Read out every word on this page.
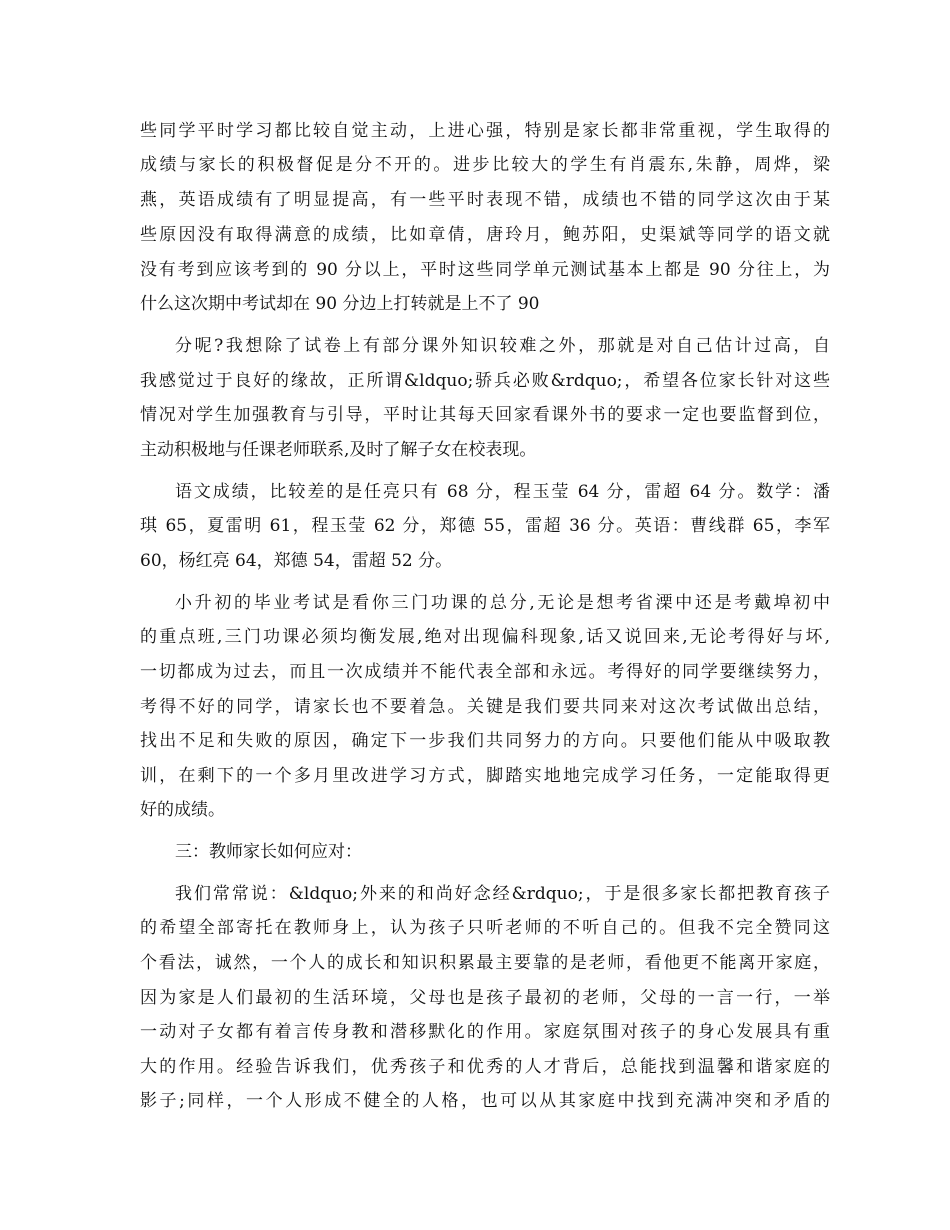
些同学平时学习都比较自觉主动，上进心强，特别是家长都非常重视，学生取得的
成绩与家长的积极督促是分不开的。进步比较大的学生有肖震东,朱静，周烨，梁
燕，英语成绩有了明显提高，有一些平时表现不错，成绩也不错的同学这次由于某
些原因没有取得满意的成绩，比如章倩，唐玲月，鲍苏阳，史渠斌等同学的语文就
没有考到应该考到的 90 分以上，平时这些同学单元测试基本上都是 90 分往上，为
什么这次期中考试却在 90 分边上打转就是上不了 90
分呢?我想除了试卷上有部分课外知识较难之外，那就是对自己估计过高，自
我感觉过于良好的缘故，正所谓&ldquo;骄兵必败&rdquo;，希望各位家长针对这些
情况对学生加强教育与引导，平时让其每天回家看课外书的要求一定也要监督到位，
主动积极地与任课老师联系,及时了解子女在校表现。
语文成绩，比较差的是任亮只有 68 分，程玉莹 64 分，雷超 64 分。数学：潘
琪 65，夏雷明 61，程玉莹 62 分，郑德 55，雷超 36 分。英语：曹线群 65，李军
60，杨红亮 64，郑德 54，雷超 52 分。
小升初的毕业考试是看你三门功课的总分,无论是想考省溧中还是考戴埠初中
的重点班,三门功课必须均衡发展,绝对出现偏科现象,话又说回来,无论考得好与坏,
一切都成为过去，而且一次成绩并不能代表全部和永远。考得好的同学要继续努力，
考得不好的同学，请家长也不要着急。关键是我们要共同来对这次考试做出总结，
找出不足和失败的原因，确定下一步我们共同努力的方向。只要他们能从中吸取教
训，在剩下的一个多月里改进学习方式，脚踏实地地完成学习任务，一定能取得更
好的成绩。
三：教师家长如何应对：
我们常常说：&ldquo;外来的和尚好念经&rdquo;，于是很多家长都把教育孩子
的希望全部寄托在教师身上，认为孩子只听老师的不听自己的。但我不完全赞同这
个看法，诚然，一个人的成长和知识积累最主要靠的是老师，看他更不能离开家庭，
因为家是人们最初的生活环境，父母也是孩子最初的老师，父母的一言一行，一举
一动对子女都有着言传身教和潜移默化的作用。家庭氛围对孩子的身心发展具有重
大的作用。经验告诉我们，优秀孩子和优秀的人才背后，总能找到温馨和谐家庭的
影子;同样，一个人形成不健全的人格，也可以从其家庭中找到充满冲突和矛盾的
